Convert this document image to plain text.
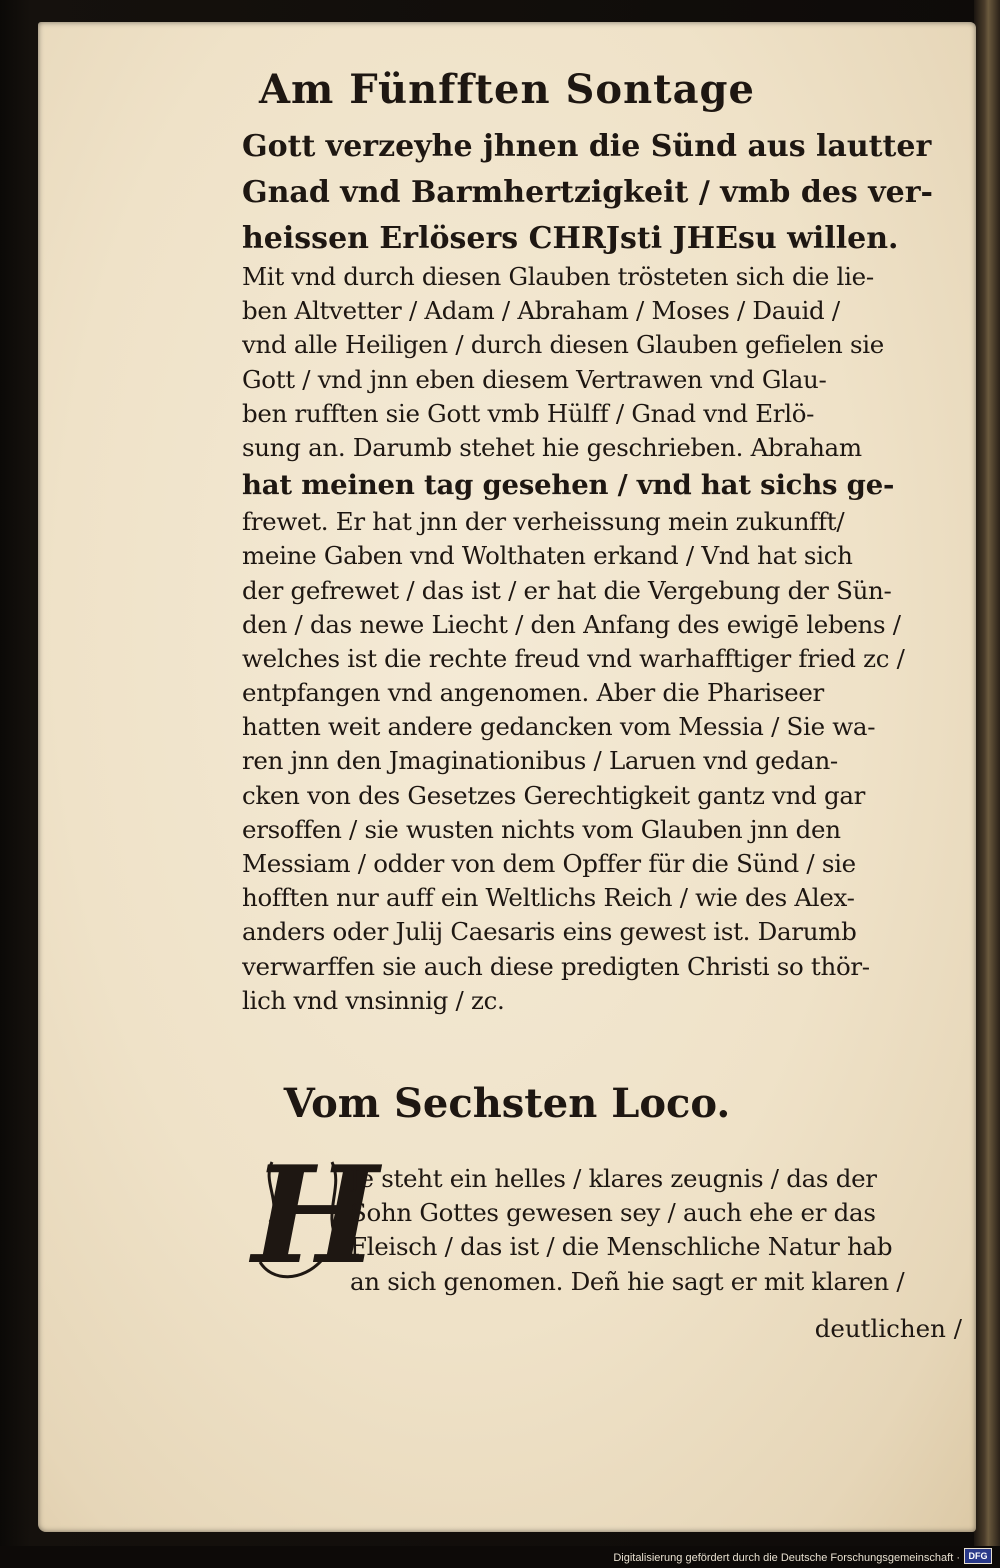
Am Fünfften Sontage
Gott verzeyhe jhnen die Sünd aus lautter
Gnad vnd Barmhertzigkeit / vmb des ver-
heissen Erlösers CHRJsti JHEsu willen.
Mit vnd durch diesen Glauben trösteten sich die lie-
ben Altvetter / Adam / Abraham / Moses / Dauid /
vnd alle Heiligen / durch diesen Glauben gefielen sie
Gott / vnd jnn eben diesem Vertrawen vnd Glau-
ben rufften sie Gott vmb Hülff / Gnad vnd Erlö-
sung an. Darumb stehet hie geschrieben. Abraham
hat meinen tag gesehen / vnd hat sichs ge-
frewet. Er hat jnn der verheissung mein zukunfft/
meine Gaben vnd Wolthaten erkand / Vnd hat sich
der gefrewet / das ist / er hat die Vergebung der Sün-
den / das newe Liecht / den Anfang des ewigē lebens /
welches ist die rechte freud vnd warhafftiger fried zc /
entpfangen vnd angenomen. Aber die Phariseer
hatten weit andere gedancken vom Messia / Sie wa-
ren jnn den Jmaginationibus / Laruen vnd gedan-
cken von des Gesetzes Gerechtigkeit gantz vnd gar
ersoffen / sie wusten nichts vom Glauben jnn den
Messiam / odder von dem Opffer für die Sünd / sie
hofften nur auff ein Weltlichs Reich / wie des Alex-
anders oder Julij Caesaris eins gewest ist. Darumb
verwarffen sie auch diese predigten Christi so thör-
lich vnd vnsinnig / zc.
Vom Sechsten Loco.
H
Je steht ein helles / klares zeugnis / das der
Sohn Gottes gewesen sey / auch ehe er das
Fleisch / das ist / die Menschliche Natur hab
an sich genomen. Deñ hie sagt er mit klaren /
deutlichen /
Digitalisierung gefördert durch die Deutsche Forschungsgemeinschaft · DFG
